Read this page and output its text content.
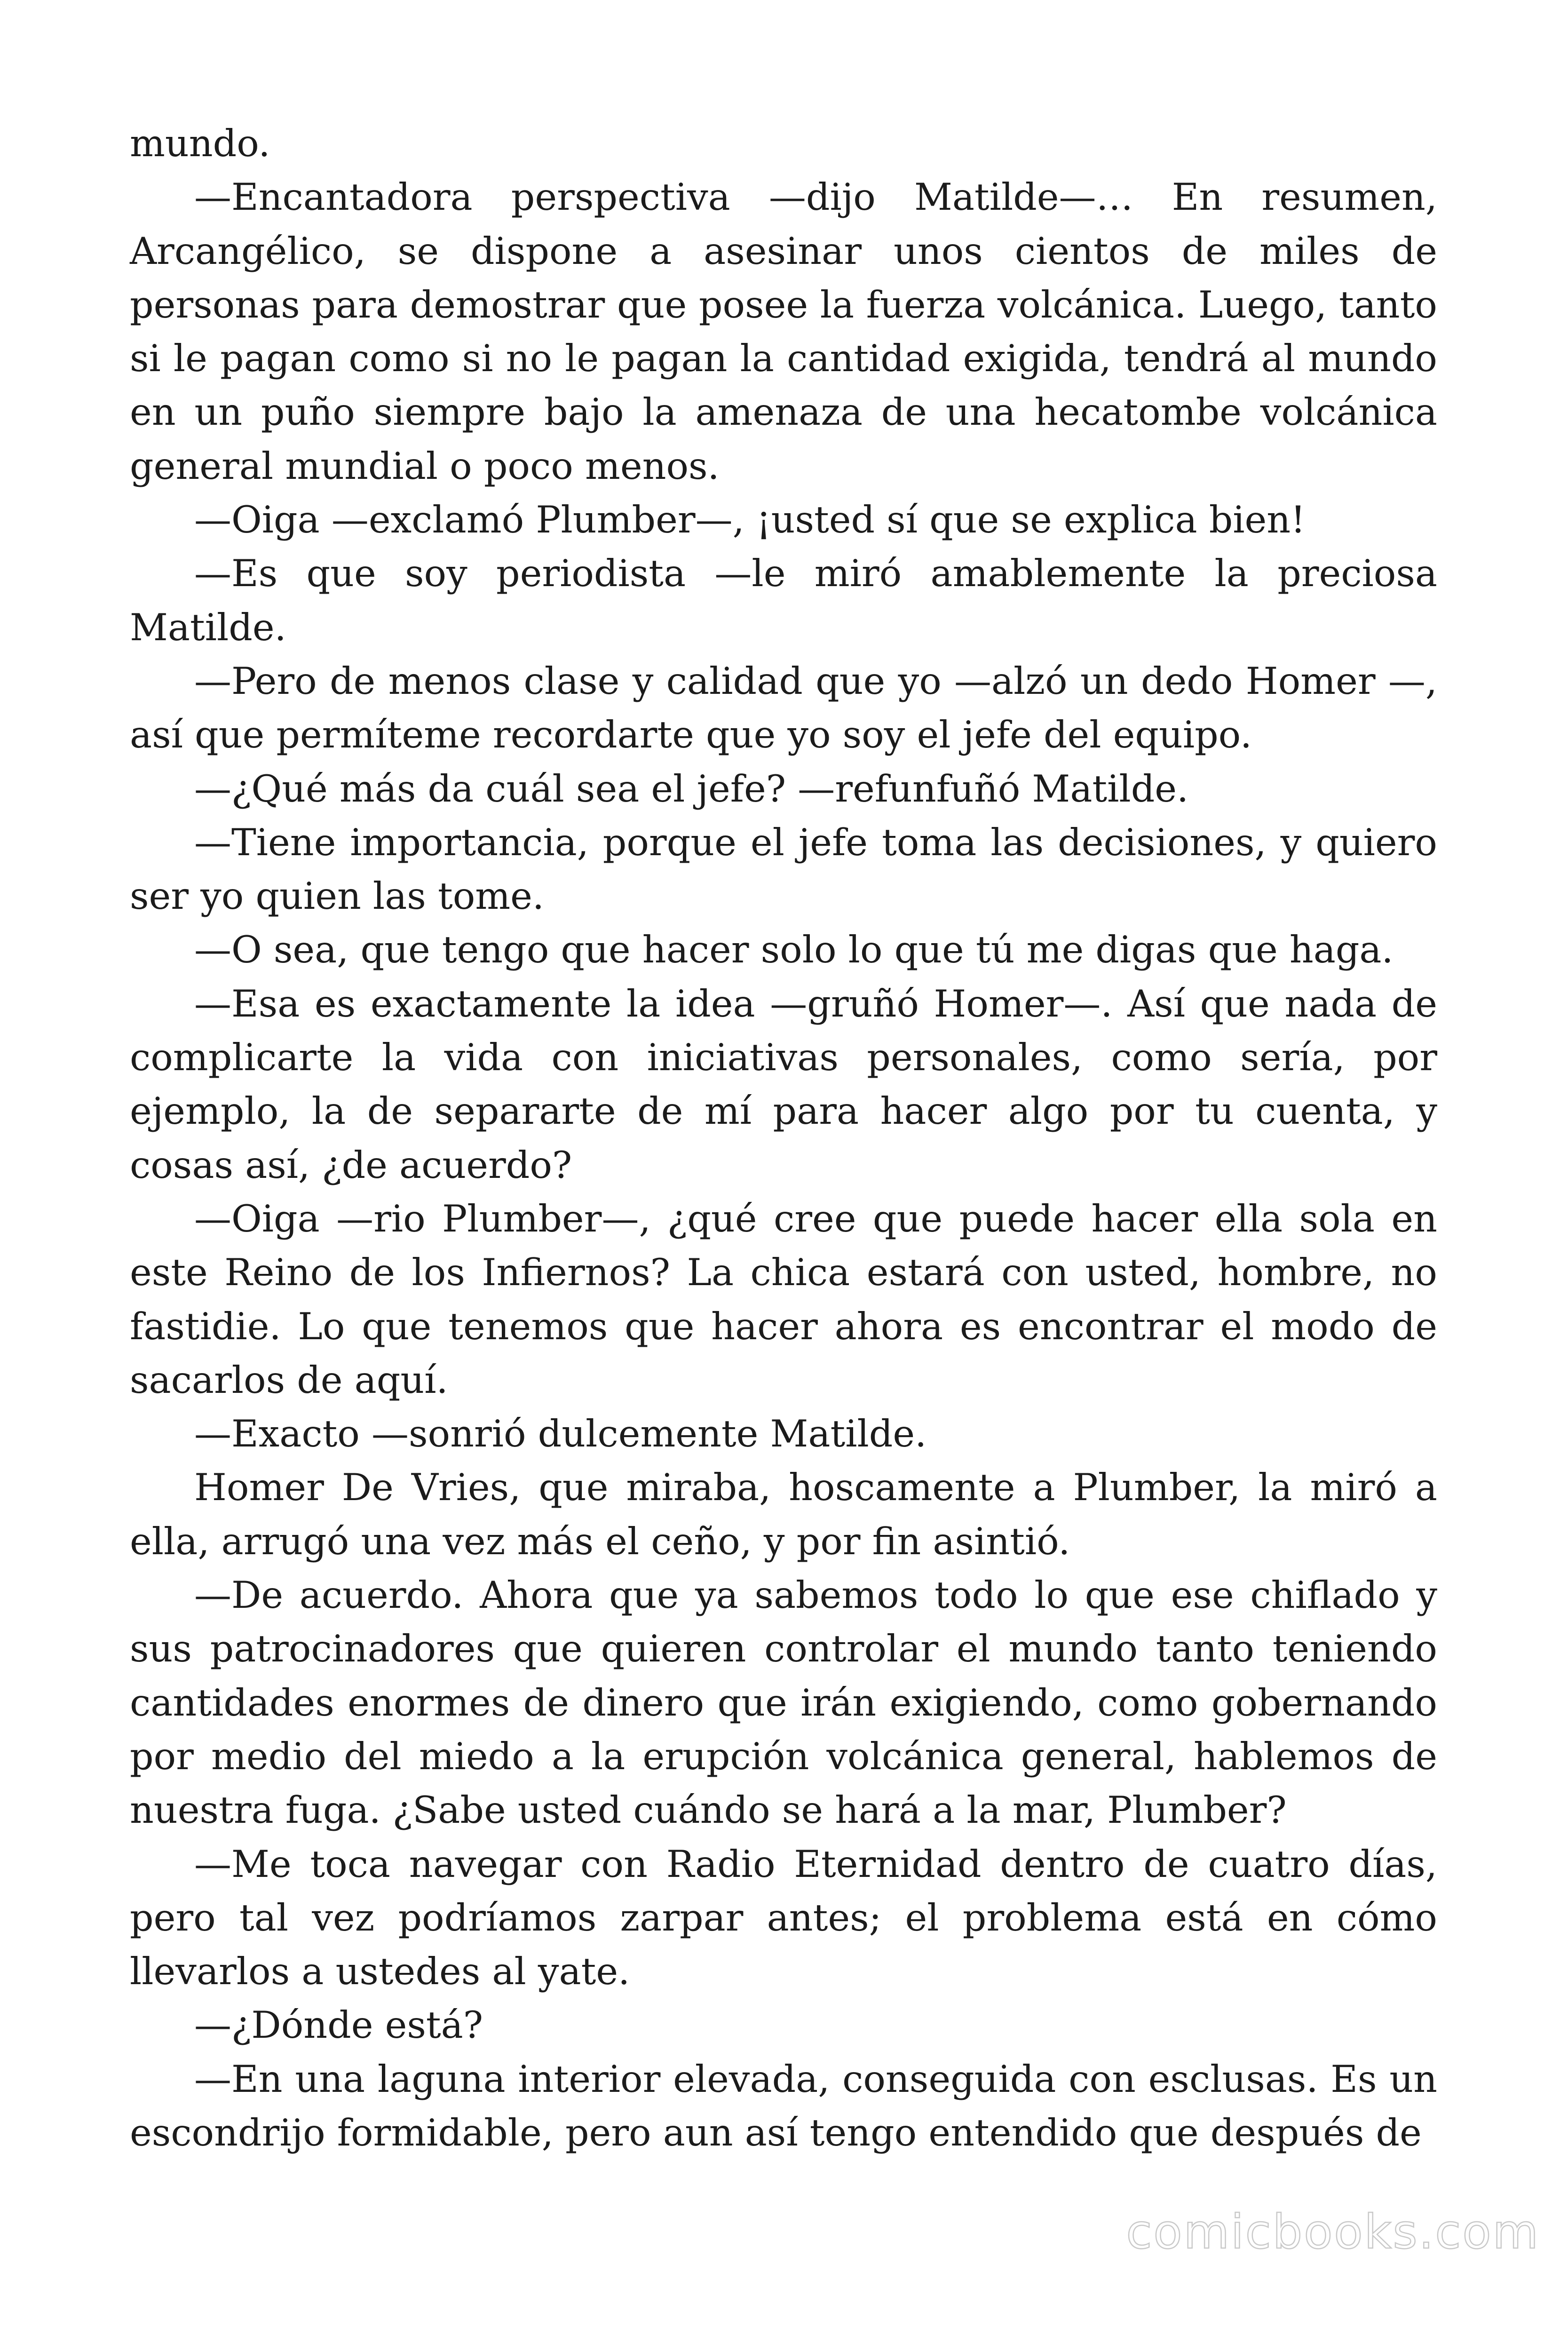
mundo.

—Encantadora perspectiva —dijo Matilde—… En resumen, Arcangélico, se dispone a asesinar unos cientos de miles de personas para demostrar que posee la fuerza volcánica. Luego, tanto si le pagan como si no le pagan la cantidad exigida, tendrá al mundo en un puño siempre bajo la amenaza de una hecatombe volcánica general mundial o poco menos.

—Oiga —exclamó Plumber—, ¡usted sí que se explica bien!

—Es que soy periodista —le miró amablemente la preciosa Matilde.

—Pero de menos clase y calidad que yo —alzó un dedo Homer —, así que permíteme recordarte que yo soy el jefe del equipo.

—¿Qué más da cuál sea el jefe? —refunfuñó Matilde.

—Tiene importancia, porque el jefe toma las decisiones, y quiero ser yo quien las tome.

—O sea, que tengo que hacer solo lo que tú me digas que haga.

—Esa es exactamente la idea —gruñó Homer—. Así que nada de complicarte la vida con iniciativas personales, como sería, por ejemplo, la de separarte de mí para hacer algo por tu cuenta, y cosas así, ¿de acuerdo?

—Oiga —rio Plumber—, ¿qué cree que puede hacer ella sola en este Reino de los Infiernos? La chica estará con usted, hombre, no fastidie. Lo que tenemos que hacer ahora es encontrar el modo de sacarlos de aquí.

—Exacto —sonrió dulcemente Matilde.

Homer De Vries, que miraba, hoscamente a Plumber, la miró a ella, arrugó una vez más el ceño, y por fin asintió.

—De acuerdo. Ahora que ya sabemos todo lo que ese chiflado y sus patrocinadores que quieren controlar el mundo tanto teniendo cantidades enormes de dinero que irán exigiendo, como gobernando por medio del miedo a la erupción volcánica general, hablemos de nuestra fuga. ¿Sabe usted cuándo se hará a la mar, Plumber?

—Me toca navegar con Radio Eternidad dentro de cuatro días, pero tal vez podríamos zarpar antes; el problema está en cómo llevarlos a ustedes al yate.

—¿Dónde está?

—En una laguna interior elevada, conseguida con esclusas. Es un escondrijo formidable, pero aun así tengo entendido que después de

comicbooks.com
